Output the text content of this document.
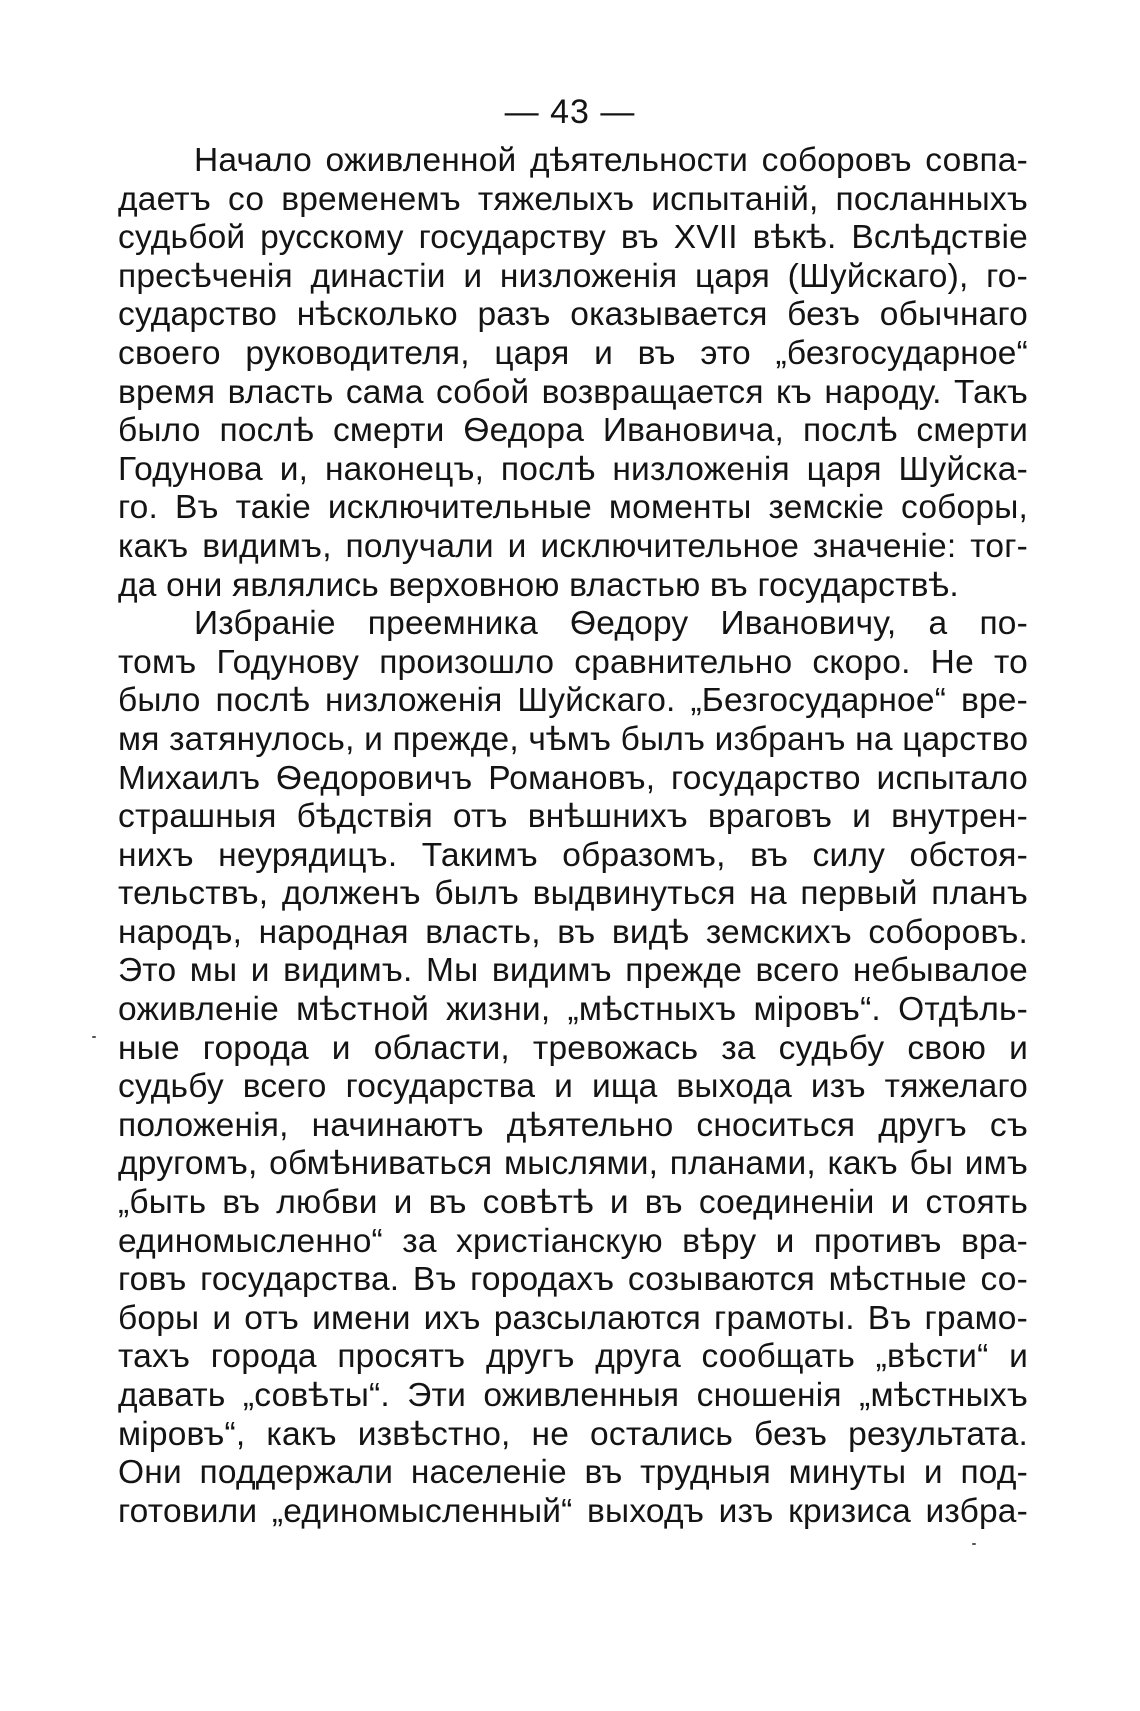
— 43 —
Начало оживленной дѣятельности соборовъ совпа-
даетъ со временемъ тяжелыхъ испытаній, посланныхъ
судьбой русскому государству въ XVII вѣкѣ. Вслѣдствіе
пресѣченія династіи и низложенія царя (Шуйскаго), го-
сударство нѣсколько разъ оказывается безъ обычнаго
своего руководителя, царя и въ это „безгосударное“
время власть сама собой возвращается къ народу. Такъ
было послѣ смерти Ѳедора Ивановича, послѣ смерти
Годунова и, наконецъ, послѣ низложенія царя Шуйска-
го. Въ такіе исключительные моменты земскіе соборы,
какъ видимъ, получали и исключительное значеніе: тог-
да они являлись верховною властью въ государствѣ.
Избраніе преемника Ѳедору Ивановичу, а по-
томъ Годунову произошло сравнительно скоро. Не то
было послѣ низложенія Шуйскаго. „Безгосударное“ вре-
мя затянулось, и прежде, чѣмъ былъ избранъ на царство
Михаилъ Ѳедоровичъ Романовъ, государство испытало
страшныя бѣдствія отъ внѣшнихъ враговъ и внутрен-
нихъ неурядицъ. Такимъ образомъ, въ силу обстоя-
тельствъ, долженъ былъ выдвинуться на первый планъ
народъ, народная власть, въ видѣ земскихъ соборовъ.
Это мы и видимъ. Мы видимъ прежде всего небывалое
оживленіе мѣстной жизни, „мѣстныхъ міровъ“. Отдѣль-
ные города и области, тревожась за судьбу свою и
судьбу всего государства и ища выхода изъ тяжелаго
положенія, начинаютъ дѣятельно сноситься другъ съ
другомъ, обмѣниваться мыслями, планами, какъ бы имъ
„быть въ любви и въ совѣтѣ и въ соединеніи и стоять
единомысленно“ за христіанскую вѣру и противъ вра-
говъ государства. Въ городахъ созываются мѣстные со-
боры и отъ имени ихъ разсылаются грамоты. Въ грамо-
тахъ города просятъ другъ друга сообщать „вѣсти“ и
давать „совѣты“. Эти оживленныя сношенія „мѣстныхъ
міровъ“, какъ извѣстно, не остались безъ результата.
Они поддержали населеніе въ трудныя минуты и под-
готовили „единомысленный“ выходъ изъ кризиса избра-
